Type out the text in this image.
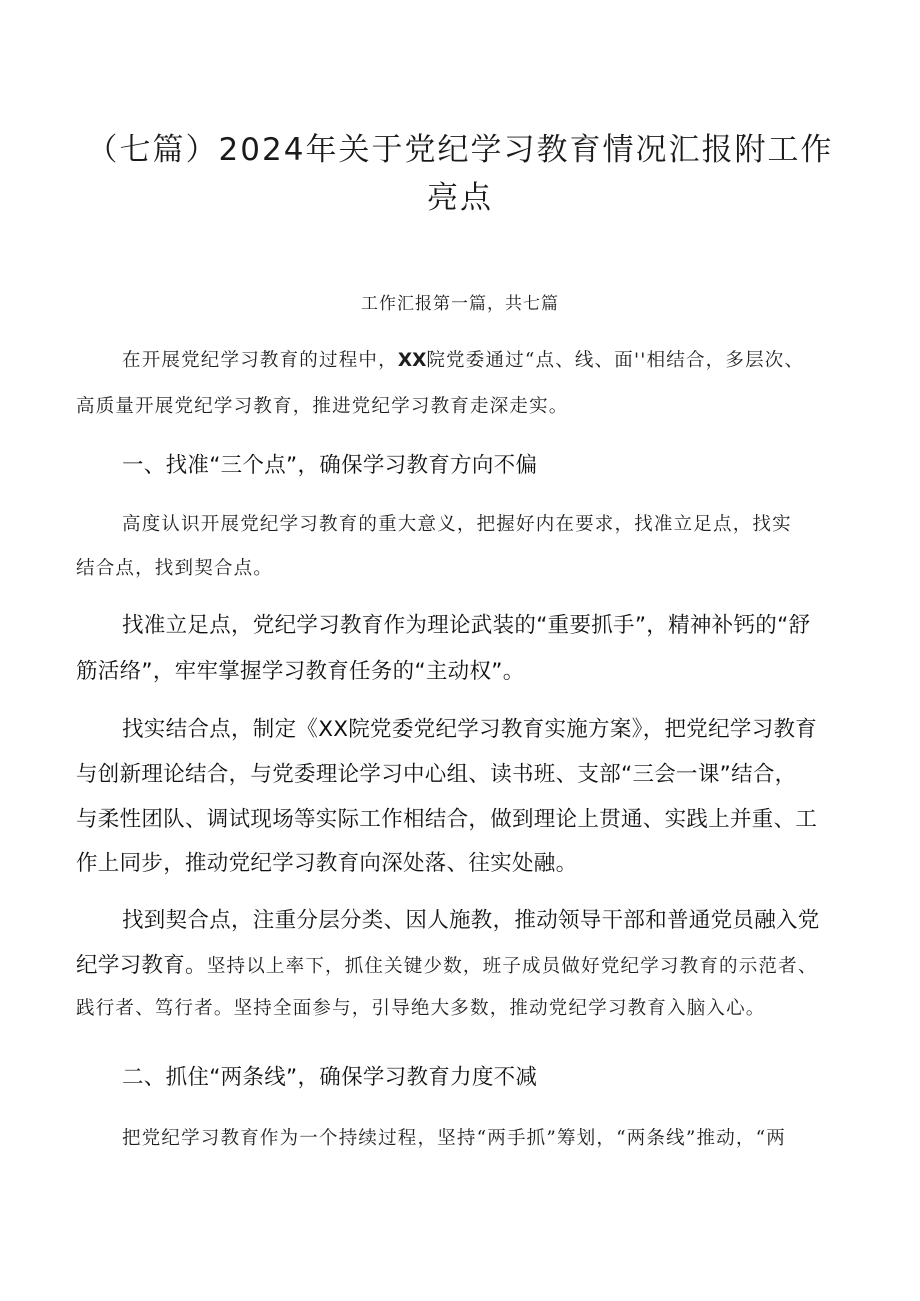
（七篇）2024年关于党纪学习教育情况汇报附工作
亮点
工作汇报第一篇，共七篇
在开展党纪学习教育的过程中，XX院党委通过“点、线、面''相结合，多层次、
高质量开展党纪学习教育，推进党纪学习教育走深走实。
一、找准“三个点”，确保学习教育方向不偏
高度认识开展党纪学习教育的重大意义，把握好内在要求，找准立足点，找实
结合点，找到契合点。
找准立足点，党纪学习教育作为理论武装的“重要抓手”，精神补钙的“舒
筋活络”，牢牢掌握学习教育任务的“主动权”。
找实结合点，制定《XX院党委党纪学习教育实施方案》，把党纪学习教育
与创新理论结合，与党委理论学习中心组、读书班、支部“三会一课”结合，
与柔性团队、调试现场等实际工作相结合，做到理论上贯通、实践上并重、工
作上同步，推动党纪学习教育向深处落、往实处融。
找到契合点，注重分层分类、因人施教，推动领导干部和普通党员融入党
纪学习教育。坚持以上率下，抓住关键少数，班子成员做好党纪学习教育的示范者、
践行者、笃行者。坚持全面参与，引导绝大多数，推动党纪学习教育入脑入心。
二、抓住“两条线”，确保学习教育力度不减
把党纪学习教育作为一个持续过程，坚持“两手抓”筹划，“两条线”推动，“两
